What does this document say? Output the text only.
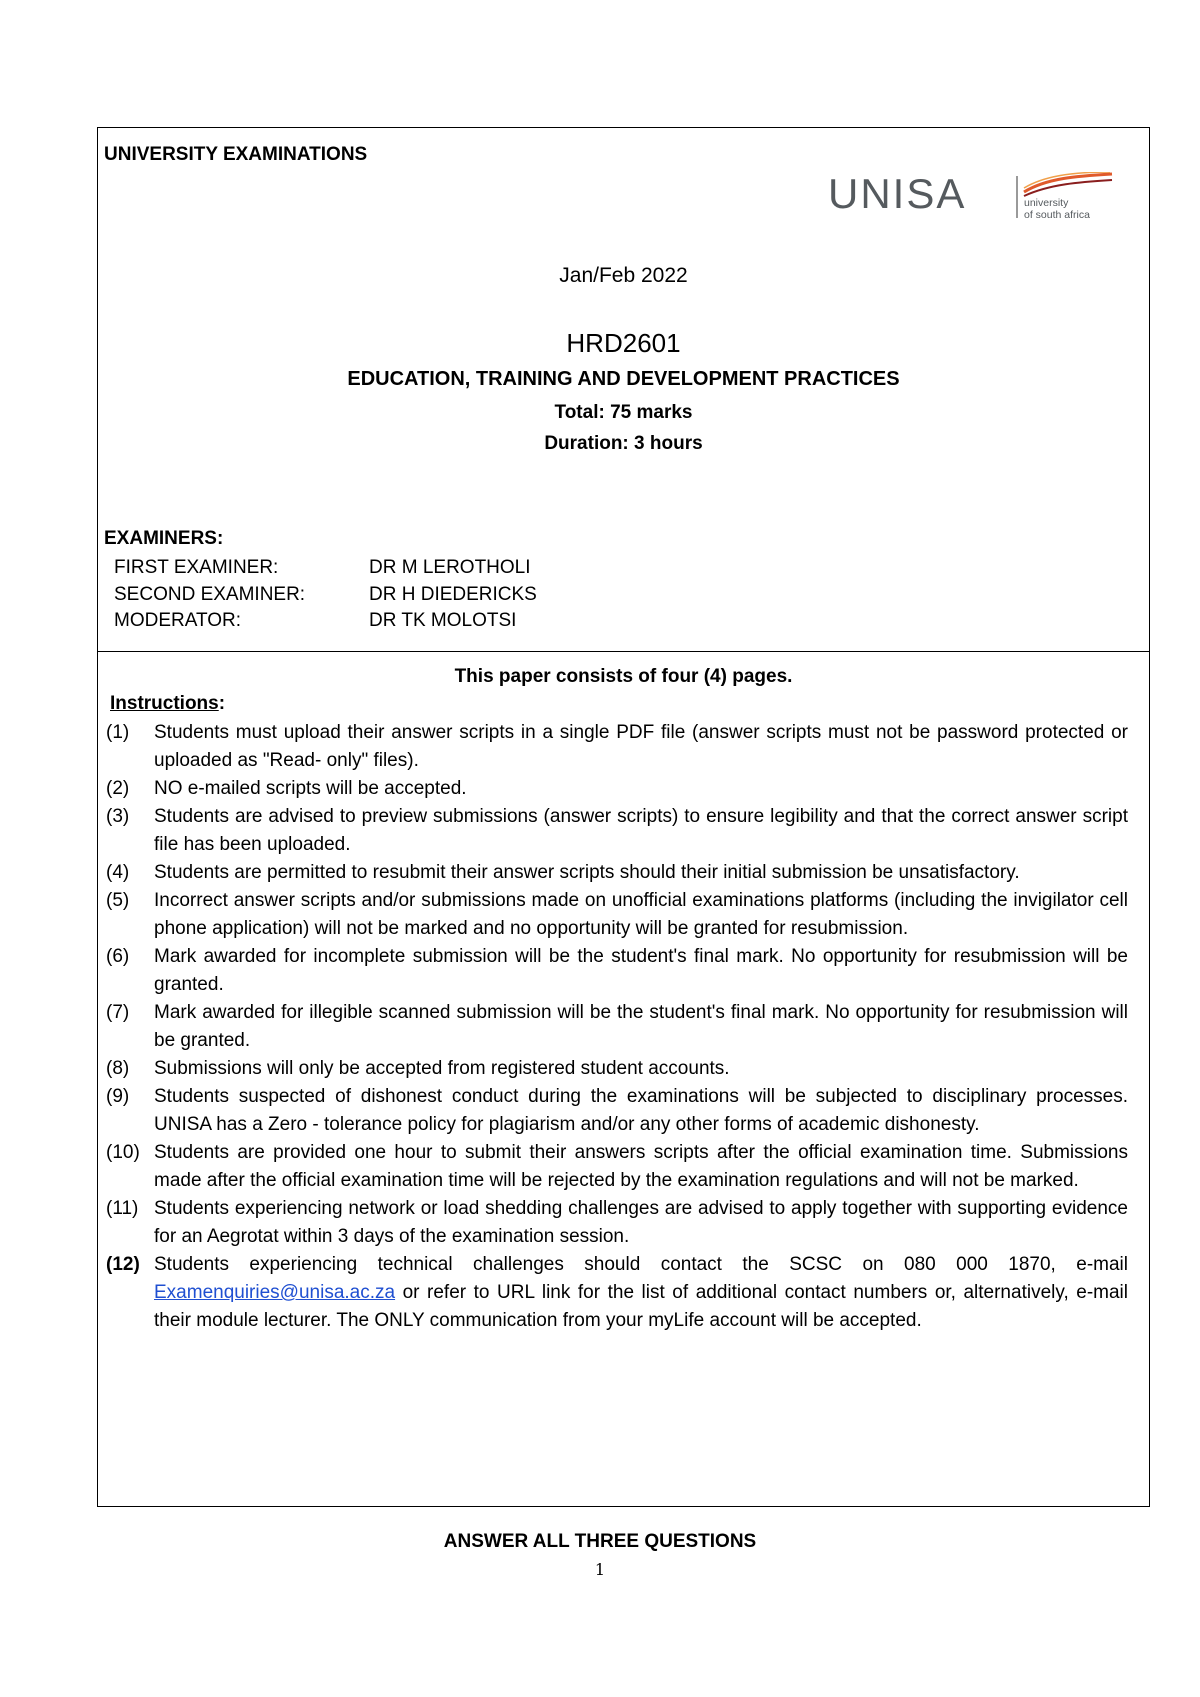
UNIVERSITY EXAMINATIONS
UNISA	university
of south africa
Jan/Feb 2022
HRD2601
EDUCATION, TRAINING AND DEVELOPMENT PRACTICES
Total: 75 marks
Duration: 3 hours
EXAMINERS:
FIRST EXAMINER:	DR M LEROTHOLI
SECOND EXAMINER:	DR H DIEDERICKS
MODERATOR:	DR TK MOLOTSI
This paper consists of four (4) pages.
Instructions:
(1)	Students must upload their answer scripts in a single PDF file (answer scripts must not be password protected or uploaded as "Read- only" files).
(2)	NO e-mailed scripts will be accepted.
(3)	Students are advised to preview submissions (answer scripts) to ensure legibility and that the correct answer script file has been uploaded.
(4)	Students are permitted to resubmit their answer scripts should their initial submission be unsatisfactory.
(5)	Incorrect answer scripts and/or submissions made on unofficial examinations platforms (including the invigilator cell phone application) will not be marked and no opportunity will be granted for resubmission.
(6)	Mark awarded for incomplete submission will be the student's final mark. No opportunity for resubmission will be granted.
(7)	Mark awarded for illegible scanned submission will be the student's final mark. No opportunity for resubmission will be granted.
(8)	Submissions will only be accepted from registered student accounts.
(9)	Students suspected of dishonest conduct during the examinations will be subjected to disciplinary processes. UNISA has a Zero - tolerance policy for plagiarism and/or any other forms of academic dishonesty.
(10) Students are provided one hour to submit their answers scripts after the official examination time. Submissions made after the official examination time will be rejected by the examination regulations and will not be marked.
(11) Students experiencing network or load shedding challenges are advised to apply together with supporting evidence for an Aegrotat within 3 days of the examination session.
(12) Students experiencing technical challenges should contact the SCSC on 080 000 1870, e-mail Examenquiries@unisa.ac.za or refer to URL link for the list of additional contact numbers or, alternatively, e-mail their module lecturer. The ONLY communication from your myLife account will be accepted.
ANSWER ALL THREE QUESTIONS
1
